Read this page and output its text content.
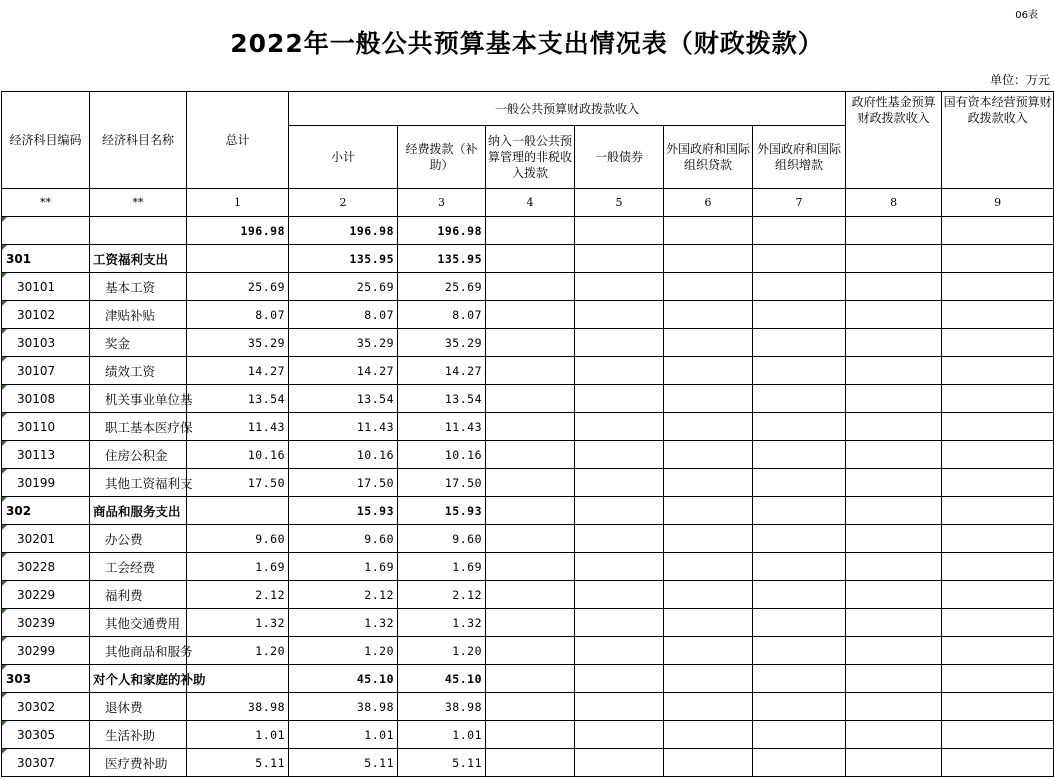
06表
2022年一般公共预算基本支出情况表（财政拨款）
单位：万元
经济科目编码	经济科目名称	总计	一般公共预算财政拨款收入						政府性基金预算财政拨款收入	国有资本经营预算财政拨款收入
			小计	经费拨款（补助）	纳入一般公共预算管理的非税收入拨款	一般债券	外国政府和国际组织贷款	外国政府和国际组织增款		
**	**	1	2	3	4	5	6	7	8	9

		196.98	196.98	196.98						

301	工资福利支出		135.95	135.95						

30101	基本工资	25.69	25.69	25.69						

30102	津贴补贴	8.07	8.07	8.07						

30103	奖金	35.29	35.29	35.29						

30107	绩效工资	14.27	14.27	14.27						

30108	机关事业单位基	13.54	13.54	13.54						

30110	职工基本医疗保	11.43	11.43	11.43						

30113	住房公积金	10.16	10.16	10.16						

30199	其他工资福利支	17.50	17.50	17.50						

302	商品和服务支出		15.93	15.93						

30201	办公费	9.60	9.60	9.60						

30228	工会经费	1.69	1.69	1.69						

30229	福利费	2.12	2.12	2.12						

30239	其他交通费用	1.32	1.32	1.32						

30299	其他商品和服务	1.20	1.20	1.20						

303	对个人和家庭的补助		45.10	45.10						

30302	退休费	38.98	38.98	38.98						

30305	生活补助	1.01	1.01	1.01						

30307	医疗费补助	5.11	5.11	5.11						
